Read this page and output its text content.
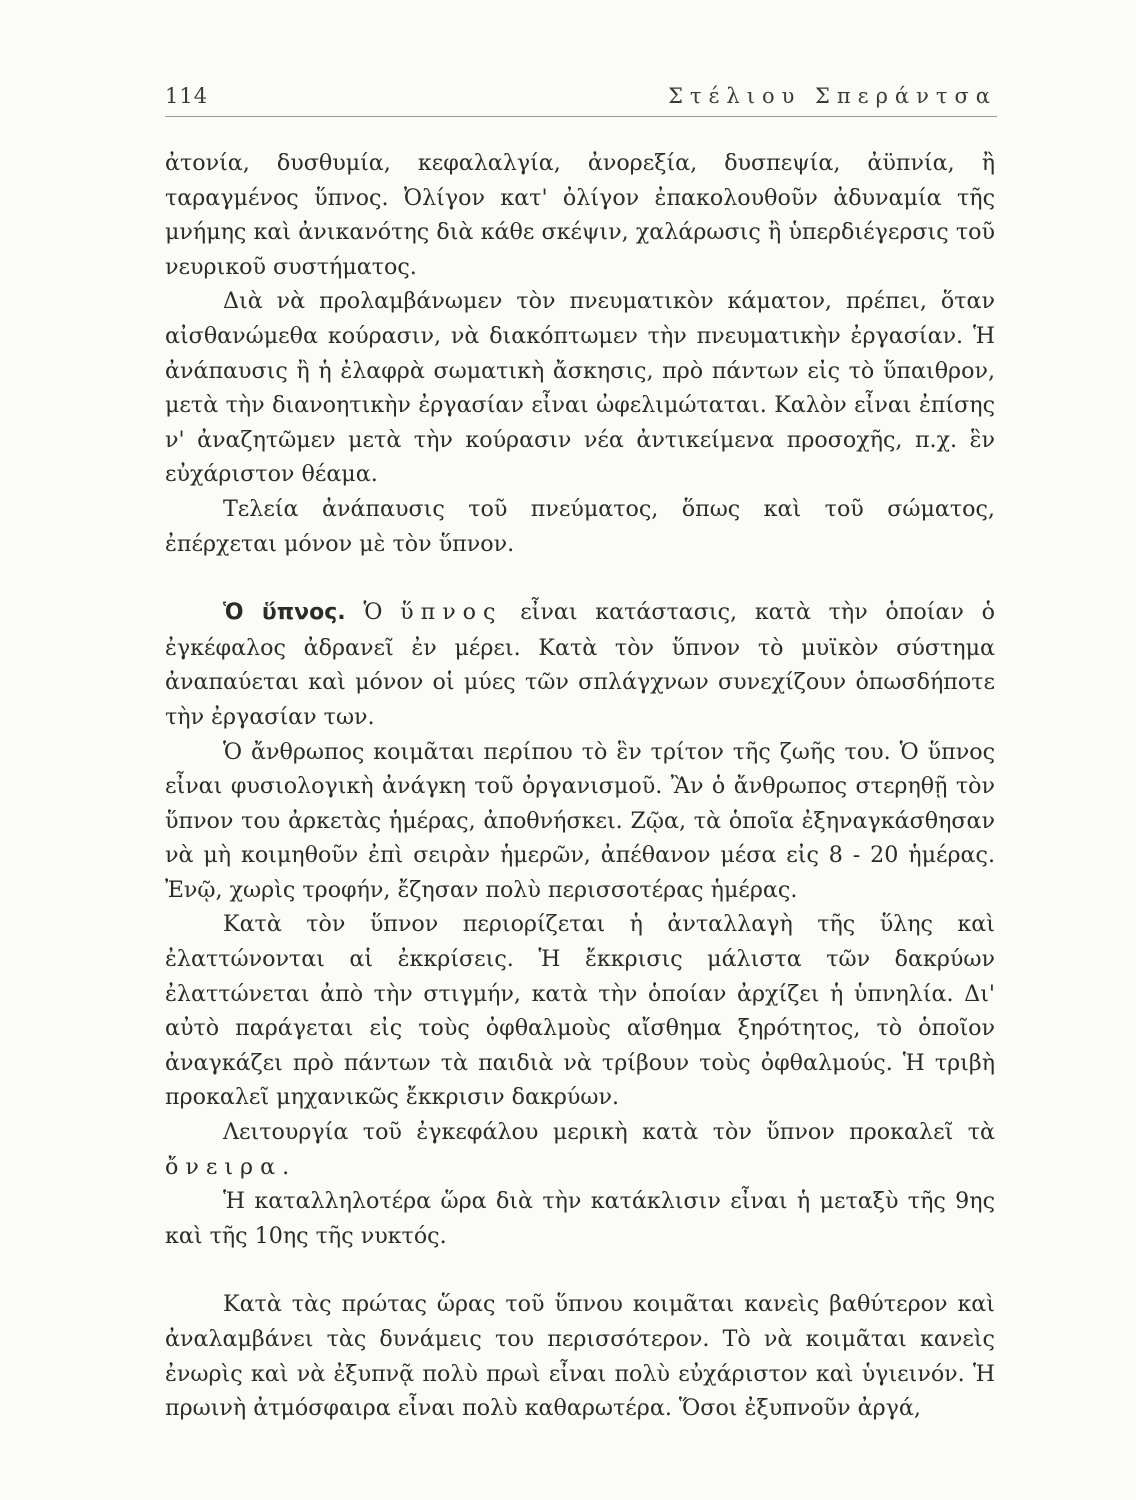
114	Στέλιου Σπεράντσα

ἀτονία, δυσθυμία, κεφαλαλγία, ἀνορεξία, δυσπεψία, ἀϋπνία, ἢ ταραγμένος ὕπνος. Ὀλίγον κατ' ὀλίγον ἐπακολουθοῦν ἀδυναμία τῆς μνήμης καὶ ἀνικανότης διὰ κάθε σκέψιν, χαλάρωσις ἢ ὑπερδιέγερσις τοῦ νευρικοῦ συστήματος.

Διὰ νὰ προλαμβάνωμεν τὸν πνευματικὸν κάματον, πρέπει, ὅταν αἰσθανώμεθα κούρασιν, νὰ διακόπτωμεν τὴν πνευματικὴν ἐργασίαν. Ἡ ἀνάπαυσις ἢ ἡ ἐλαφρὰ σωματικὴ ἄσκησις, πρὸ πάντων εἰς τὸ ὕπαιθρον, μετὰ τὴν διανοητικὴν ἐργασίαν εἶναι ὠφελιμώταται. Καλὸν εἶναι ἐπίσης ν' ἀναζητῶμεν μετὰ τὴν κούρασιν νέα ἀντικείμενα προσοχῆς, π.χ. ἓν εὐχάριστον θέαμα.

Τελεία ἀνάπαυσις τοῦ πνεύματος, ὅπως καὶ τοῦ σώματος, ἐπέρχεται μόνον μὲ τὸν ὕπνον.

Ὁ ὕπνος. Ὁ ὕπνος εἶναι κατάστασις, κατὰ τὴν ὁποίαν ὁ ἐγκέφαλος ἀδρανεῖ ἐν μέρει. Κατὰ τὸν ὕπνον τὸ μυϊκὸν σύστημα ἀναπαύεται καὶ μόνον οἱ μύες τῶν σπλάγχνων συνεχίζουν ὁπωσδήποτε τὴν ἐργασίαν των.

Ὁ ἄνθρωπος κοιμᾶται περίπου τὸ ἓν τρίτον τῆς ζωῆς του. Ὁ ὕπνος εἶναι φυσιολογικὴ ἀνάγκη τοῦ ὀργανισμοῦ. Ἂν ὁ ἄνθρωπος στερηθῇ τὸν ὕπνον του ἀρκετὰς ἡμέρας, ἀποθνήσκει. Ζῷα, τὰ ὁποῖα ἐξηναγκάσθησαν νὰ μὴ κοιμηθοῦν ἐπὶ σειρὰν ἡμερῶν, ἀπέθανον μέσα εἰς 8 - 20 ἡμέρας. Ἐνῷ, χωρὶς τροφήν, ἔζησαν πολὺ περισσοτέρας ἡμέρας.

Κατὰ τὸν ὕπνον περιορίζεται ἡ ἀνταλλαγὴ τῆς ὕλης καὶ ἐλαττώνονται αἱ ἐκκρίσεις. Ἡ ἔκκρισις μάλιστα τῶν δακρύων ἐλαττώνεται ἀπὸ τὴν στιγμήν, κατὰ τὴν ὁποίαν ἀρχίζει ἡ ὑπνηλία. Δι' αὐτὸ παράγεται εἰς τοὺς ὀφθαλμοὺς αἴσθημα ξηρότητος, τὸ ὁποῖον ἀναγκάζει πρὸ πάντων τὰ παιδιὰ νὰ τρίβουν τοὺς ὀφθαλμούς. Ἡ τριβὴ προκαλεῖ μηχανικῶς ἔκκρισιν δακρύων.

Λειτουργία τοῦ ἐγκεφάλου μερικὴ κατὰ τὸν ὕπνον προκαλεῖ τὰ ὄνειρα.

Ἡ καταλληλοτέρα ὥρα διὰ τὴν κατάκλισιν εἶναι ἡ μεταξὺ τῆς 9ης καὶ τῆς 10ης τῆς νυκτός.

Κατὰ τὰς πρώτας ὥρας τοῦ ὕπνου κοιμᾶται κανεὶς βαθύτερον καὶ ἀναλαμβάνει τὰς δυνάμεις του περισσότερον. Τὸ νὰ κοιμᾶται κανεὶς ἐνωρὶς καὶ νὰ ἐξυπνᾷ πολὺ πρωὶ εἶναι πολὺ εὐχάριστον καὶ ὑγιεινόν. Ἡ πρωινὴ ἀτμόσφαιρα εἶναι πολὺ καθαρωτέρα. Ὅσοι ἐξυπνοῦν ἀργά,
